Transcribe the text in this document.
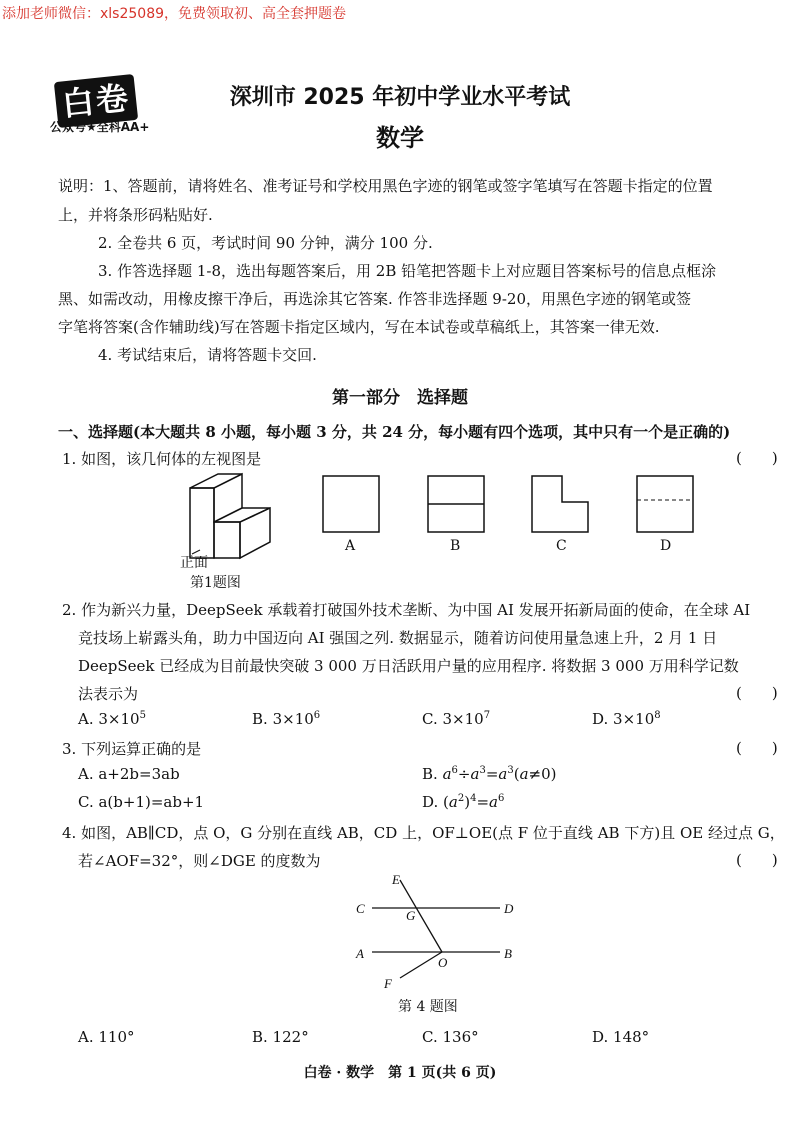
添加老师微信：xls25089，免费领取初、高全套押题卷
白卷
公众号★全科AA+
深圳市 2025 年初中学业水平考试
数学
说明：1、答题前，请将姓名、准考证号和学校用黑色字迹的钢笔或签字笔填写在答题卡指定的位置
上，并将条形码粘贴好.
2. 全卷共 6 页，考试时间 90 分钟，满分 100 分.
3. 作答选择题 1-8，选出每题答案后，用 2B 铅笔把答题卡上对应题目答案标号的信息点框涂
黑、如需改动，用橡皮擦干净后，再选涂其它答案. 作答非选择题 9-20，用黑色字迹的钢笔或签
字笔将答案(含作辅助线)写在答题卡指定区域内，写在本试卷或草稿纸上，其答案一律无效.
4. 考试结束后，请将答题卡交回.
第一部分　选择题
一、选择题(本大题共 8 小题，每小题 3 分，共 24 分，每小题有四个选项，其中只有一个是正确的)
1. 如图，该几何体的左视图是	(　　)
正面
第1题图
A	B	C	D
2. 作为新兴力量，DeepSeek 承载着打破国外技术垄断、为中国 AI 发展开拓新局面的使命，在全球 AI
竞技场上崭露头角，助力中国迈向 AI 强国之列. 数据显示，随着访问使用量急速上升，2 月 1 日
DeepSeek 已经成为目前最快突破 3 000 万日活跃用户量的应用程序. 将数据 3 000 万用科学记数
法表示为	(　　)
A. $3\times 10^5$	B. $3\times 10^6$	C. $3\times 10^7$	D. $3\times 10^8$
3. 下列运算正确的是	(　　)
A. a+2b=3ab	B. $a^6\div a^3=a^3(a\ne 0)$
C. a(b+1)=ab+1	D. $(a^2)^4=a^6$
4. 如图，AB∥CD，点 O，G 分别在直线 AB，CD 上，OF⊥OE(点 F 位于直线 AB 下方)且 OE 经过点 G，
若∠AOF=32°，则∠DGE 的度数为	(　　)
E
C	G	D
A
O
B
F
第 4 题图
A. 110°	B. 122°	C. 136°	D. 148°
白卷 · 数学　第 1 页(共 6 页)
